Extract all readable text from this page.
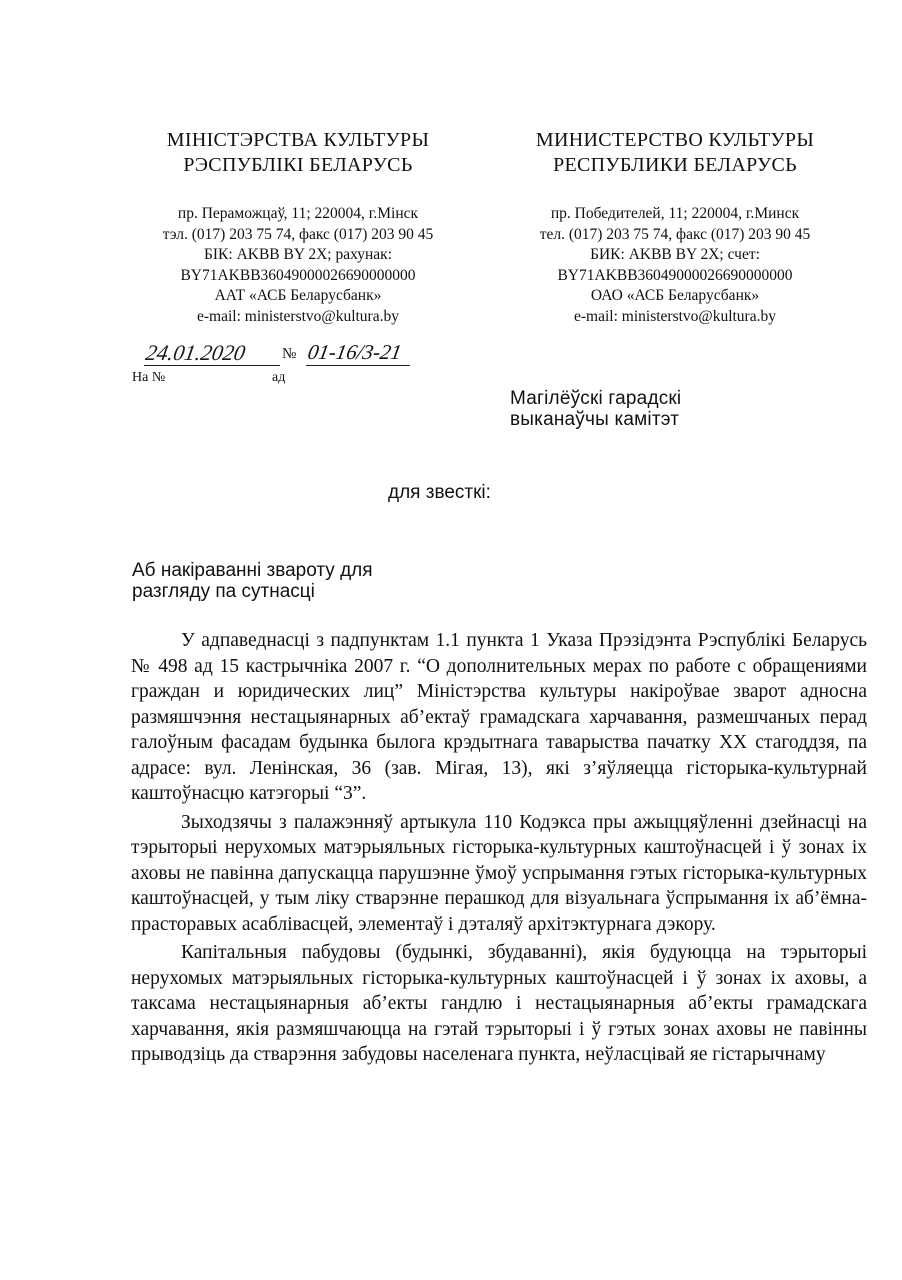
МІНІСТЭРСТВА КУЛЬТУРЫ
РЭСПУБЛІКІ БЕЛАРУСЬ
пр. Пераможцаў, 11; 220004, г.Мінск
тэл. (017) 203 75 74, факс (017) 203 90 45
БІК: AKBB BY 2X; рахунак:
BY71AKBB36049000026690000000
ААТ «АСБ Беларусбанк»
e-mail: ministerstvo@kultura.by
МИНИСТЕРСТВО КУЛЬТУРЫ
РЕСПУБЛИКИ БЕЛАРУСЬ
пр. Победителей, 11; 220004, г.Минск
тел. (017) 203 75 74, факс (017) 203 90 45
БИК: AKBB BY 2X; счет:
BY71AKBB36049000026690000000
ОАО «АСБ Беларусбанк»
e-mail: ministerstvo@kultura.by
24.01.2020 № 01-16/3-21
На №	ад
Магілёўскі гарадскі
выканаўчы камітэт
для звесткі:
Аб накіраванні звароту для
разгляду па сутнасці

У адпаведнасці з падпунктам 1.1 пункта 1 Указа Прэзідэнта Рэспублікі Беларусь № 498 ад 15 кастрычніка 2007 г. “О дополнительных мерах по работе с обращениями граждан и юридических лиц” Міністэрства культуры накіроўвае зварот адносна размяшчэння нестацыянарных аб’ектаў грамадскага харчавання, размешчаных перад галоўным фасадам будынка былога крэдытнага таварыства пачатку XX стагоддзя, па адрасе: вул. Ленінская, 36 (зав. Мігая, 13), які з’яўляецца гісторыка-культурнай каштоўнасцю катэгорыі “3”.

Зыходзячы з палажэнняў артыкула 110 Кодэкса пры ажыццяўленні дзейнасці на тэрыторыі нерухомых матэрыяльных гісторыка-культурных каштоўнасцей і ў зонах іх аховы не павінна дапускацца парушэнне ўмоў успрымання гэтых гісторыка-культурных каштоўнасцей, у тым ліку стварэнне перашкод для візуальнага ўспрымання іх аб’ёмна-прасторавых асаблівасцей, элементаў і дэталяў архітэктурнага дэкору.

Капітальныя пабудовы (будынкі, збудаванні), якія будуюцца на тэрыторыі нерухомых матэрыяльных гісторыка-культурных каштоўнасцей і ў зонах іх аховы, а таксама нестацыянарныя аб’екты гандлю і нестацыянарныя аб’екты грамадскага харчавання, якія размяшчаюцца на гэтай тэрыторыі і ў гэтых зонах аховы не павінны прыводзіць да стварэння забудовы населенага пункта, неўласцівай яе гістарычнаму
